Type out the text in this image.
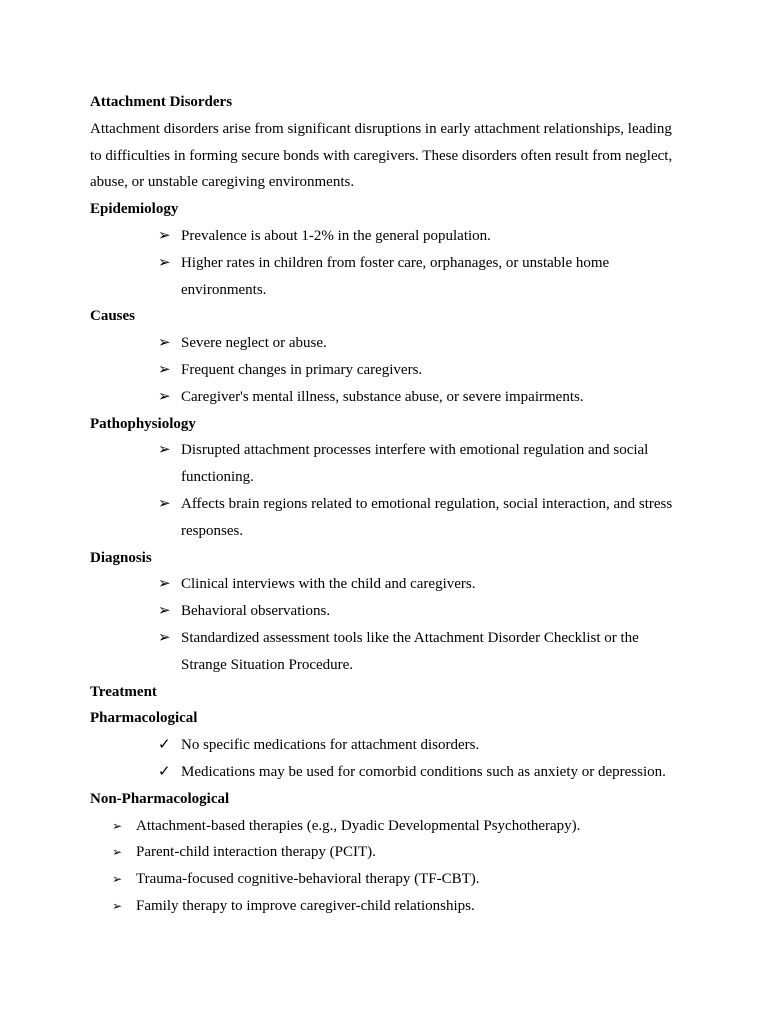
Attachment Disorders

Attachment disorders arise from significant disruptions in early attachment relationships, leading to difficulties in forming secure bonds with caregivers. These disorders often result from neglect, abuse, or unstable caregiving environments.

Epidemiology
➢ Prevalence is about 1-2% in the general population.
➢ Higher rates in children from foster care, orphanages, or unstable home environments.
Causes
➢ Severe neglect or abuse.
➢ Frequent changes in primary caregivers.
➢ Caregiver's mental illness, substance abuse, or severe impairments.
Pathophysiology
➢ Disrupted attachment processes interfere with emotional regulation and social functioning.
➢ Affects brain regions related to emotional regulation, social interaction, and stress responses.
Diagnosis
➢ Clinical interviews with the child and caregivers.
➢ Behavioral observations.
➢ Standardized assessment tools like the Attachment Disorder Checklist or the Strange Situation Procedure.
Treatment
Pharmacological
✓ No specific medications for attachment disorders.
✓ Medications may be used for comorbid conditions such as anxiety or depression.
Non-Pharmacological
➢ Attachment-based therapies (e.g., Dyadic Developmental Psychotherapy).
➢ Parent-child interaction therapy (PCIT).
➢ Trauma-focused cognitive-behavioral therapy (TF-CBT).
➢ Family therapy to improve caregiver-child relationships.
